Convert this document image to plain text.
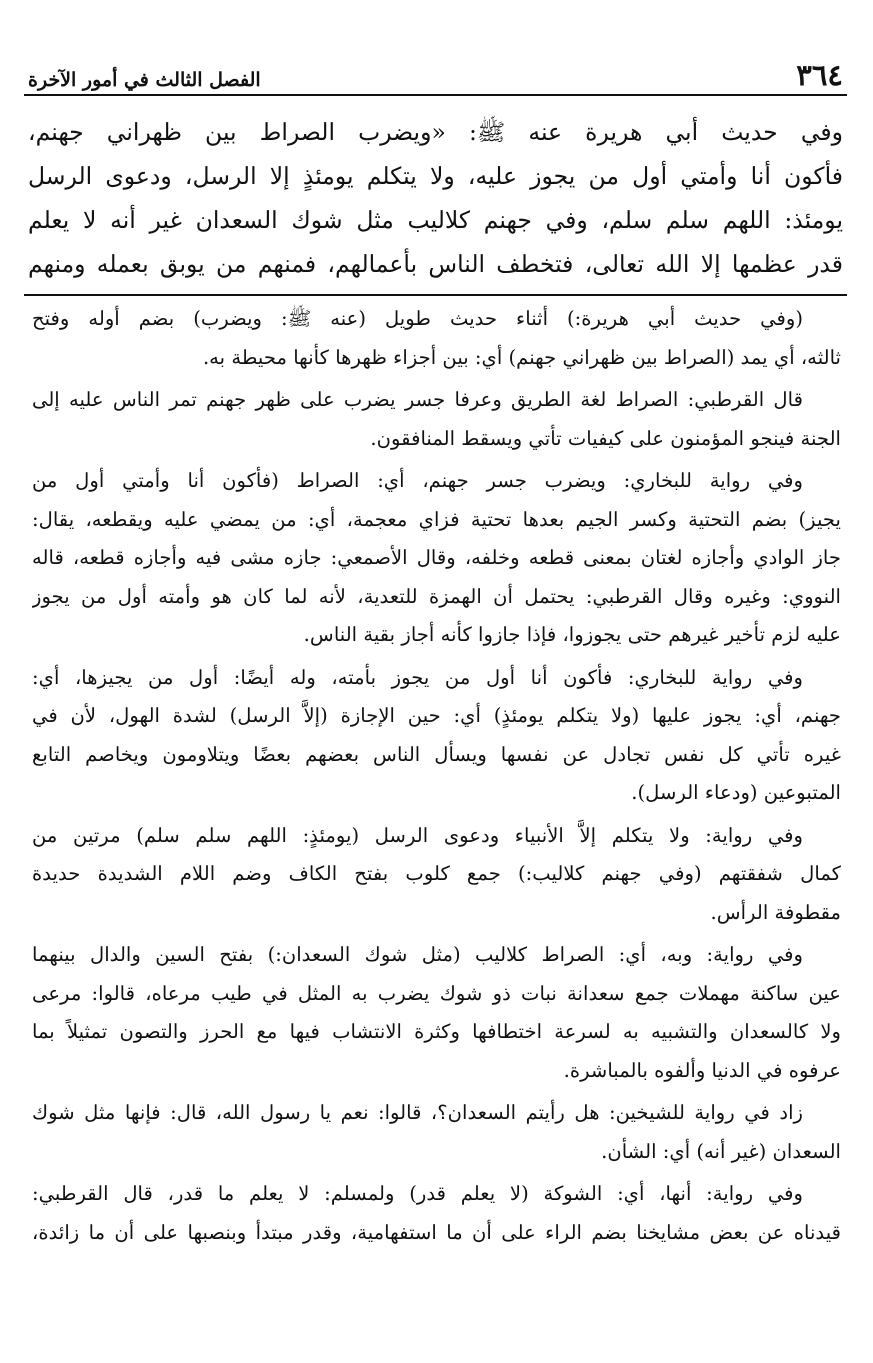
٣٦٤
الفصل الثالث في أمور الآخرة
وفي حديث أبي هريرة عنه ﷺ: «ويضرب الصراط بين ظهراني جهنم،
فأكون أنا وأمتي أول من يجوز عليه، ولا يتكلم يومئذٍ إلا الرسل، ودعوى الرسل
يومئذ: اللهم سلم سلم، وفي جهنم كلاليب مثل شوك السعدان غير أنه لا يعلم
قدر عظمها إلا الله تعالى، فتخطف الناس بأعمالهم، فمنهم من يوبق بعمله ومنهم

(وفي حديث أبي هريرة:) أثناء حديث طويل (عنه ﷺ: ويضرب) بضم أوله وفتح
ثالثه، أي يمد (الصراط بين ظهراني جهنم) أي: بين أجزاء ظهرها كأنها محيطة به.

قال القرطبي: الصراط لغة الطريق وعرفا جسر يضرب على ظهر جهنم تمر الناس عليه إلى
الجنة فينجو المؤمنون على كيفيات تأتي ويسقط المنافقون.

وفي رواية للبخاري: ويضرب جسر جهنم، أي: الصراط (فأكون أنا وأمتي أول من
يجيز) بضم التحتية وكسر الجيم بعدها تحتية فزاي معجمة، أي: من يمضي عليه ويقطعه، يقال:
جاز الوادي وأجازه لغتان بمعنى قطعه وخلفه، وقال الأصمعي: جازه مشى فيه وأجازه قطعه، قاله
النووي: وغيره وقال القرطبي: يحتمل أن الهمزة للتعدية، لأنه لما كان هو وأمته أول من يجوز
عليه لزم تأخير غيرهم حتى يجوزوا، فإذا جازوا كأنه أجاز بقية الناس.

وفي رواية للبخاري: فأكون أنا أول من يجوز بأمته، وله أيضًا: أول من يجيزها، أي:
جهنم، أي: يجوز عليها (ولا يتكلم يومئذٍ) أي: حين الإجازة (إلاَّ الرسل) لشدة الهول، لأن في
غيره تأتي كل نفس تجادل عن نفسها ويسأل الناس بعضهم بعضًا ويتلاومون ويخاصم التابع
المتبوعين (ودعاء الرسل).

وفي رواية: ولا يتكلم إلاَّ الأنبياء ودعوى الرسل (يومئذٍ: اللهم سلم سلم) مرتين من
كمال شفقتهم (وفي جهنم كلاليب:) جمع كلوب بفتح الكاف وضم اللام الشديدة حديدة
مقطوفة الرأس.

وفي رواية: وبه، أي: الصراط كلاليب (مثل شوك السعدان:) بفتح السين والدال بينهما
عين ساكنة مهملات جمع سعدانة نبات ذو شوك يضرب به المثل في طيب مرعاه، قالوا: مرعى
ولا كالسعدان والتشبيه به لسرعة اختطافها وكثرة الانتشاب فيها مع الحرز والتصون تمثيلاً بما
عرفوه في الدنيا وألفوه بالمباشرة.

زاد في رواية للشيخين: هل رأيتم السعدان؟، قالوا: نعم يا رسول الله، قال: فإنها مثل شوك
السعدان (غير أنه) أي: الشأن.

وفي رواية: أنها، أي: الشوكة (لا يعلم قدر) ولمسلم: لا يعلم ما قدر، قال القرطبي:
قيدناه عن بعض مشايخنا بضم الراء على أن ما استفهامية، وقدر مبتدأ وبنصبها على أن ما زائدة،
